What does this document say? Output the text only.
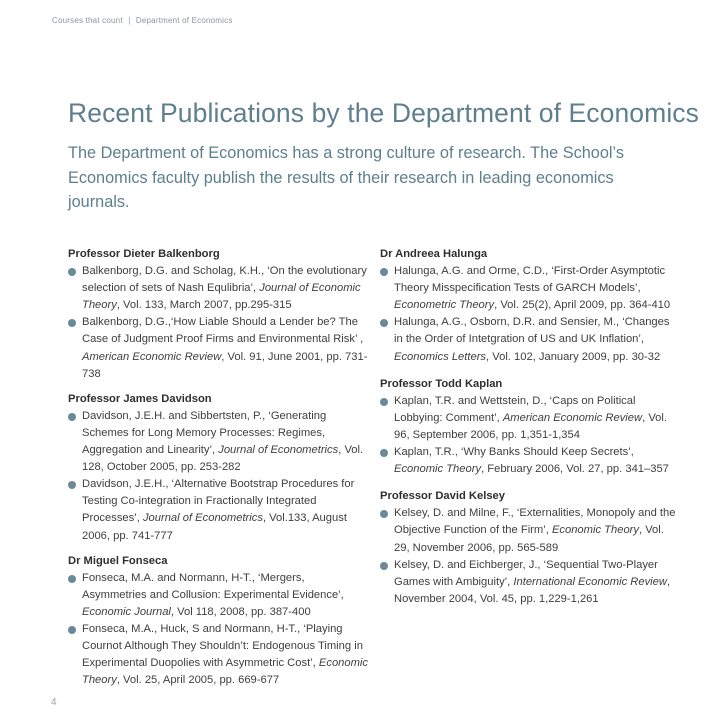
Courses that count | Department of Economics
Recent Publications by the Department of Economics

The Department of Economics has a strong culture of research. The School’s Economics faculty publish the results of their research in leading economics journals.

Professor Dieter Balkenborg

Balkenborg, D.G. and Scholag, K.H., ‘On the evolutionary selection of sets of Nash Equlibria’, Journal of Economic Theory, Vol. 133, March 2007, pp.295-315
Balkenborg, D.G.,‘How Liable Should a Lender be? The Case of Judgment Proof Firms and Environmental Risk’ , American Economic Review, Vol. 91, June 2001, pp. 731-738

Professor James Davidson

Davidson, J.E.H. and Sibbertsten, P., ‘Generating Schemes for Long Memory Processes: Regimes, Aggregation and Linearity’, Journal of Econometrics, Vol. 128, October 2005, pp. 253-282
Davidson, J.E.H., ‘Alternative Bootstrap Procedures for Testing Co-integration in Fractionally Integrated Processes’, Journal of Econometrics, Vol.133, August 2006, pp. 741-777

Dr Miguel Fonseca

Fonseca, M.A. and Normann, H-T., ‘Mergers, Asymmetries and Collusion: Experimental Evidence’, Economic Journal, Vol 118, 2008, pp. 387-400
Fonseca, M.A., Huck, S and Normann, H-T., ‘Playing Cournot Although They Shouldn’t: Endogenous Timing in Experimental Duopolies with Asymmetric Cost’, Economic Theory, Vol. 25, April 2005, pp. 669-677

Dr Andreea Halunga

Halunga, A.G. and Orme, C.D., ‘First-Order Asymptotic Theory Misspecification Tests of GARCH Models’, Econometric Theory, Vol. 25(2), April 2009, pp. 364-410
Halunga, A.G., Osborn, D.R. and Sensier, M., ‘Changes in the Order of Intetgration of US and UK Inflation’, Economics Letters, Vol. 102, January 2009, pp. 30-32

Professor Todd Kaplan

Kaplan, T.R. and Wettstein, D., ‘Caps on Political Lobbying: Comment’, American Economic Review, Vol. 96, September 2006, pp. 1,351-1,354
Kaplan, T.R., ‘Why Banks Should Keep Secrets’, Economic Theory, February 2006, Vol. 27, pp. 341–357

Professor David Kelsey

Kelsey, D. and Milne, F., ‘Externalities, Monopoly and the Objective Function of the Firm’, Economic Theory, Vol. 29, November 2006, pp. 565-589
Kelsey, D. and Eichberger, J., ‘Sequential Two-Player Games with Ambiguity’, International Economic Review, November 2004, Vol. 45, pp. 1,229-1,261
4
